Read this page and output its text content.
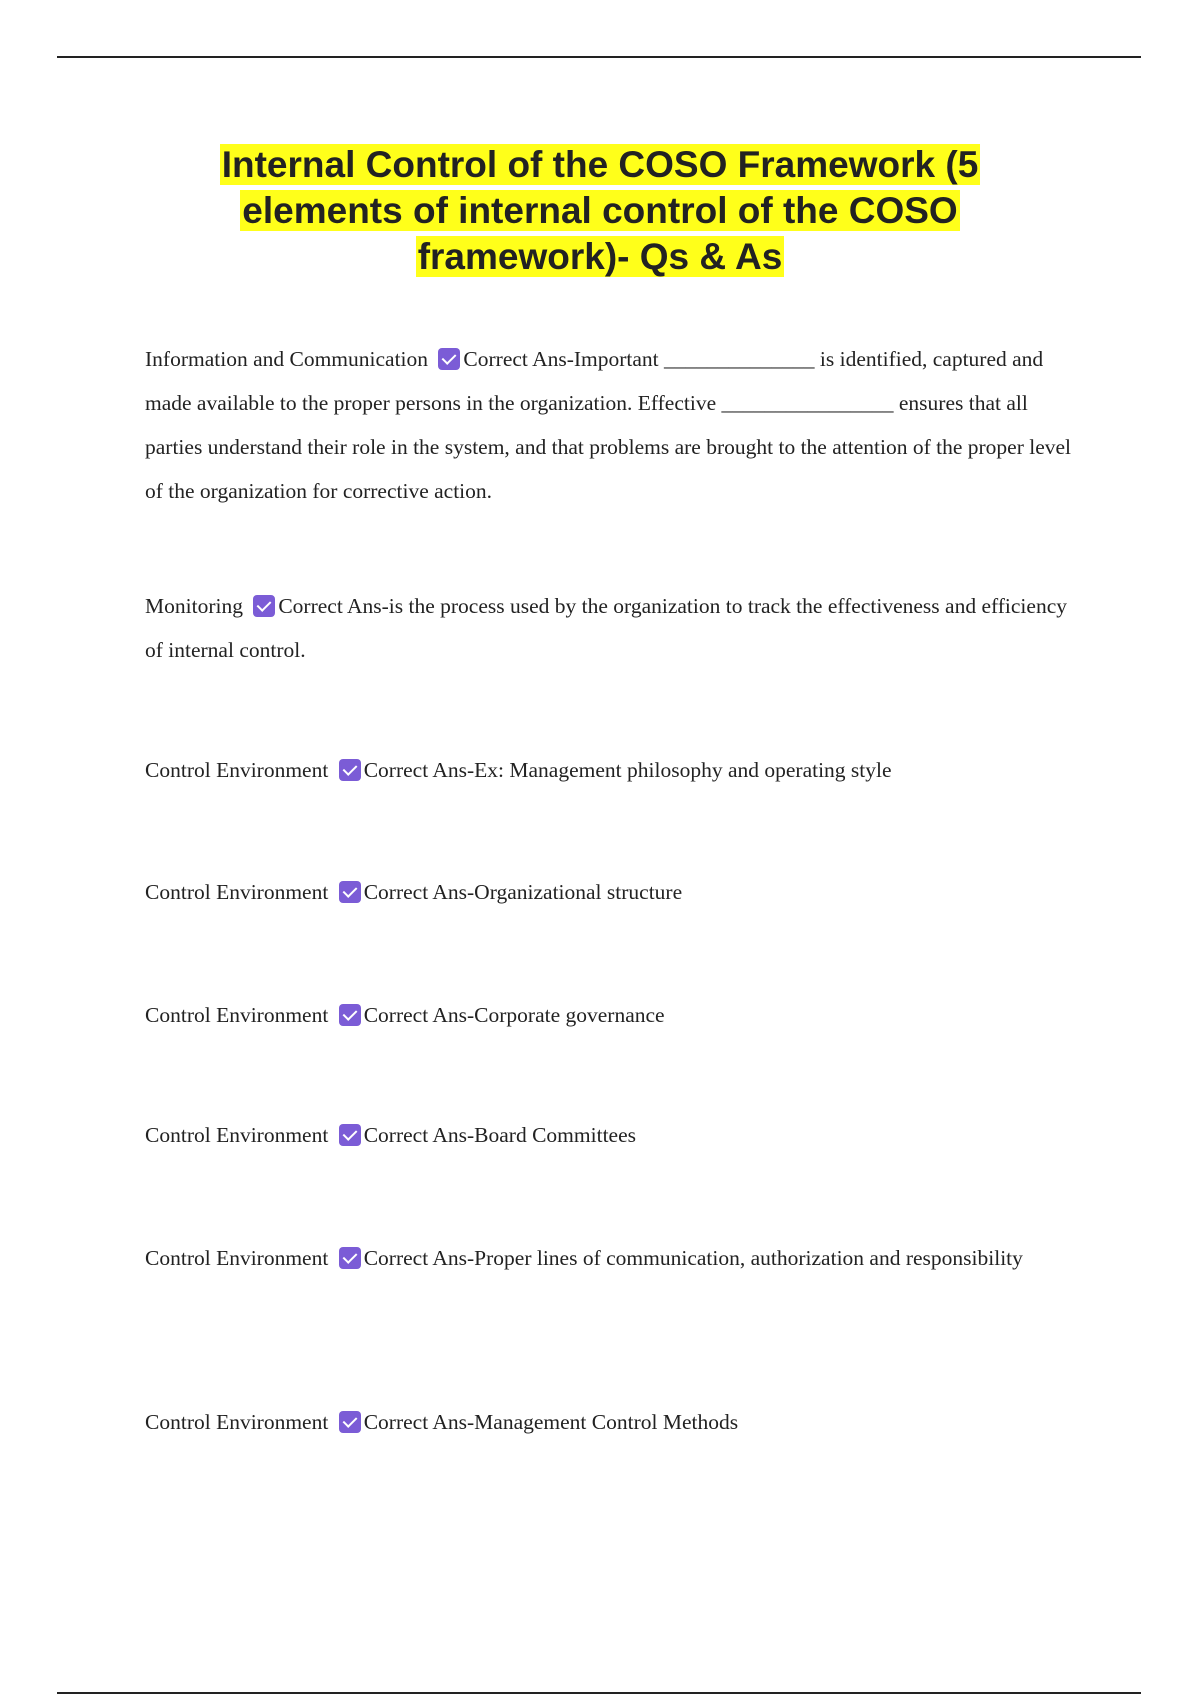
Internal Control of the COSO Framework (5 elements of internal control of the COSO framework)- Qs & As
Information and Communication Correct Ans-Important ______________ is identified, captured and made available to the proper persons in the organization. Effective ________________ ensures that all parties understand their role in the system, and that problems are brought to the attention of the proper level of the organization for corrective action.
Monitoring Correct Ans-is the process used by the organization to track the effectiveness and efficiency of internal control.
Control Environment Correct Ans-Ex: Management philosophy and operating style
Control Environment Correct Ans-Organizational structure
Control Environment Correct Ans-Corporate governance
Control Environment Correct Ans-Board Committees
Control Environment Correct Ans-Proper lines of communication, authorization and responsibility
Control Environment Correct Ans-Management Control Methods
